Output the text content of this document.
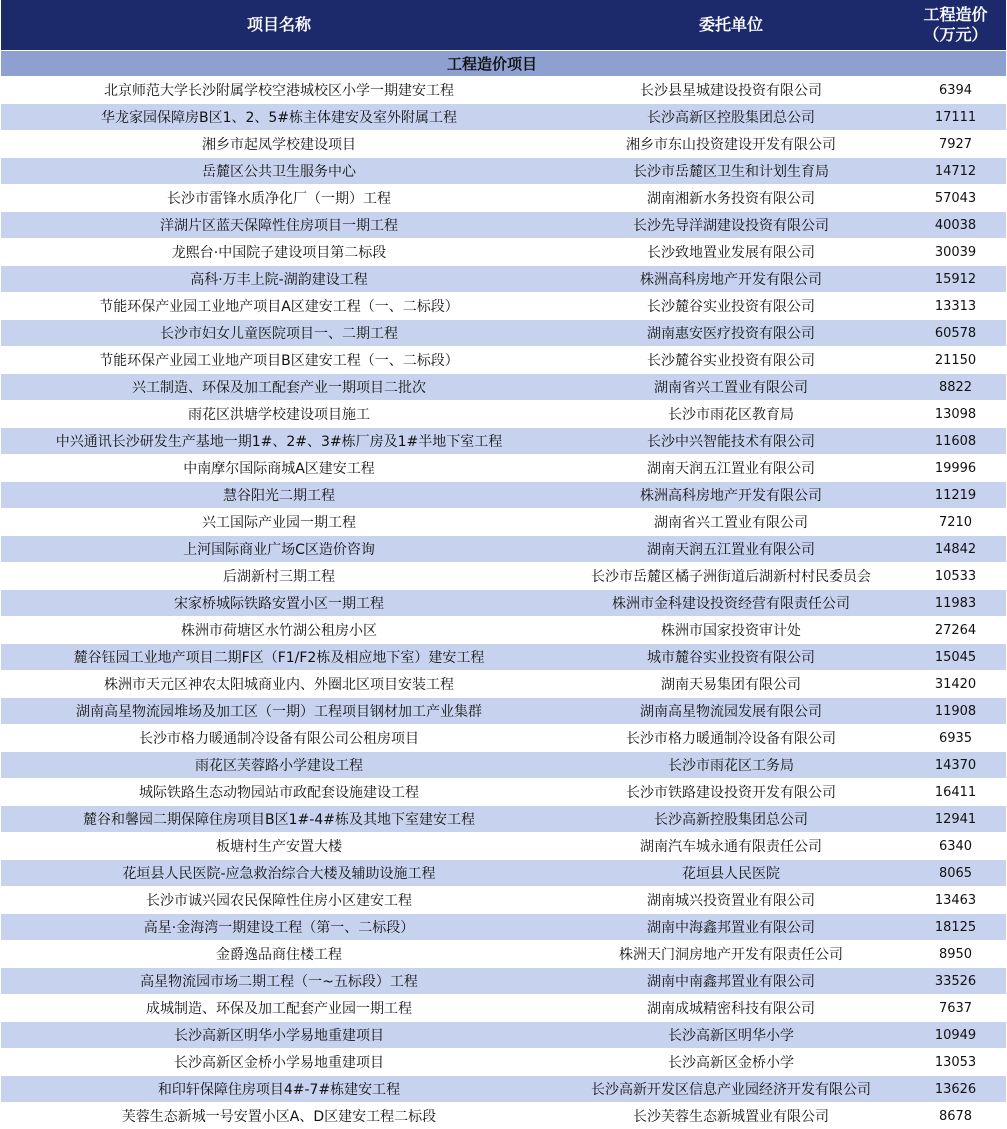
项目名称	委托单位	工程造价
（万元）

工程造价项目		
北京师范大学长沙附属学校空港城校区小学一期建安工程	长沙县星城建设投资有限公司	6394
华龙家园保障房B区1、2、5#栋主体建安及室外附属工程	长沙高新区控股集团总公司	17111
湘乡市起凤学校建设项目	湘乡市东山投资建设开发有限公司	7927
岳麓区公共卫生服务中心	长沙市岳麓区卫生和计划生育局	14712
长沙市雷锋水质净化厂（一期）工程	湖南湘新水务投资有限公司	57043
洋湖片区蓝天保障性住房项目一期工程	长沙先导洋湖建设投资有限公司	40038
龙熙台·中国院子建设项目第二标段	长沙致地置业发展有限公司	30039
高科·万丰上院-湖韵建设工程	株洲高科房地产开发有限公司	15912
节能环保产业园工业地产项目A区建安工程（一、二标段）	长沙麓谷实业投资有限公司	13313
长沙市妇女儿童医院项目一、二期工程	湖南惠安医疗投资有限公司	60578
节能环保产业园工业地产项目B区建安工程（一、二标段）	长沙麓谷实业投资有限公司	21150
兴工制造、环保及加工配套产业一期项目二批次	湖南省兴工置业有限公司	8822
雨花区洪塘学校建设项目施工	长沙市雨花区教育局	13098
中兴通讯长沙研发生产基地一期1#、2#、3#栋厂房及1#半地下室工程	长沙中兴智能技术有限公司	11608
中南摩尔国际商城A区建安工程	湖南天润五江置业有限公司	19996
慧谷阳光二期工程	株洲高科房地产开发有限公司	11219
兴工国际产业园一期工程	湖南省兴工置业有限公司	7210
上河国际商业广场C区造价咨询	湖南天润五江置业有限公司	14842
后湖新村三期工程	长沙市岳麓区橘子洲街道后湖新村村民委员会	10533
宋家桥城际铁路安置小区一期工程	株洲市金科建设投资经营有限责任公司	11983
株洲市荷塘区水竹湖公租房小区	株洲市国家投资审计处	27264
麓谷钰园工业地产项目二期F区（F1/F2栋及相应地下室）建安工程	城市麓谷实业投资有限公司	15045
株洲市天元区神农太阳城商业内、外圈北区项目安装工程	湖南天易集团有限公司	31420
湖南高星物流园堆场及加工区（一期）工程项目钢材加工产业集群	湖南高星物流园发展有限公司	11908
长沙市格力暖通制冷设备有限公司公租房项目	长沙市格力暖通制冷设备有限公司	6935
雨花区芙蓉路小学建设工程	长沙市雨花区工务局	14370
城际铁路生态动物园站市政配套设施建设工程	长沙市铁路建设投资开发有限公司	16411
麓谷和馨园二期保障住房项目B区1#-4#栋及其地下室建安工程	长沙高新控股集团总公司	12941
板塘村生产安置大楼	湖南汽车城永通有限责任公司	6340
花垣县人民医院-应急救治综合大楼及辅助设施工程	花垣县人民医院	8065
长沙市诚兴园农民保障性住房小区建安工程	湖南城兴投资置业有限公司	13463
高星·金海湾一期建设工程（第一、二标段）	湖南中海鑫邦置业有限公司	18125
金爵逸品商住楼工程	株洲天门洞房地产开发有限责任公司	8950
高星物流园市场二期工程（一~五标段）工程	湖南中南鑫邦置业有限公司	33526
成城制造、环保及加工配套产业园一期工程	湖南成城精密科技有限公司	7637
长沙高新区明华小学易地重建项目	长沙高新区明华小学	10949
长沙高新区金桥小学易地重建项目	长沙高新区金桥小学	13053
和印轩保障住房项目4#-7#栋建安工程	长沙高新开发区信息产业园经济开发有限公司	13626
芙蓉生态新城一号安置小区A、D区建安工程二标段	长沙芙蓉生态新城置业有限公司	8678
